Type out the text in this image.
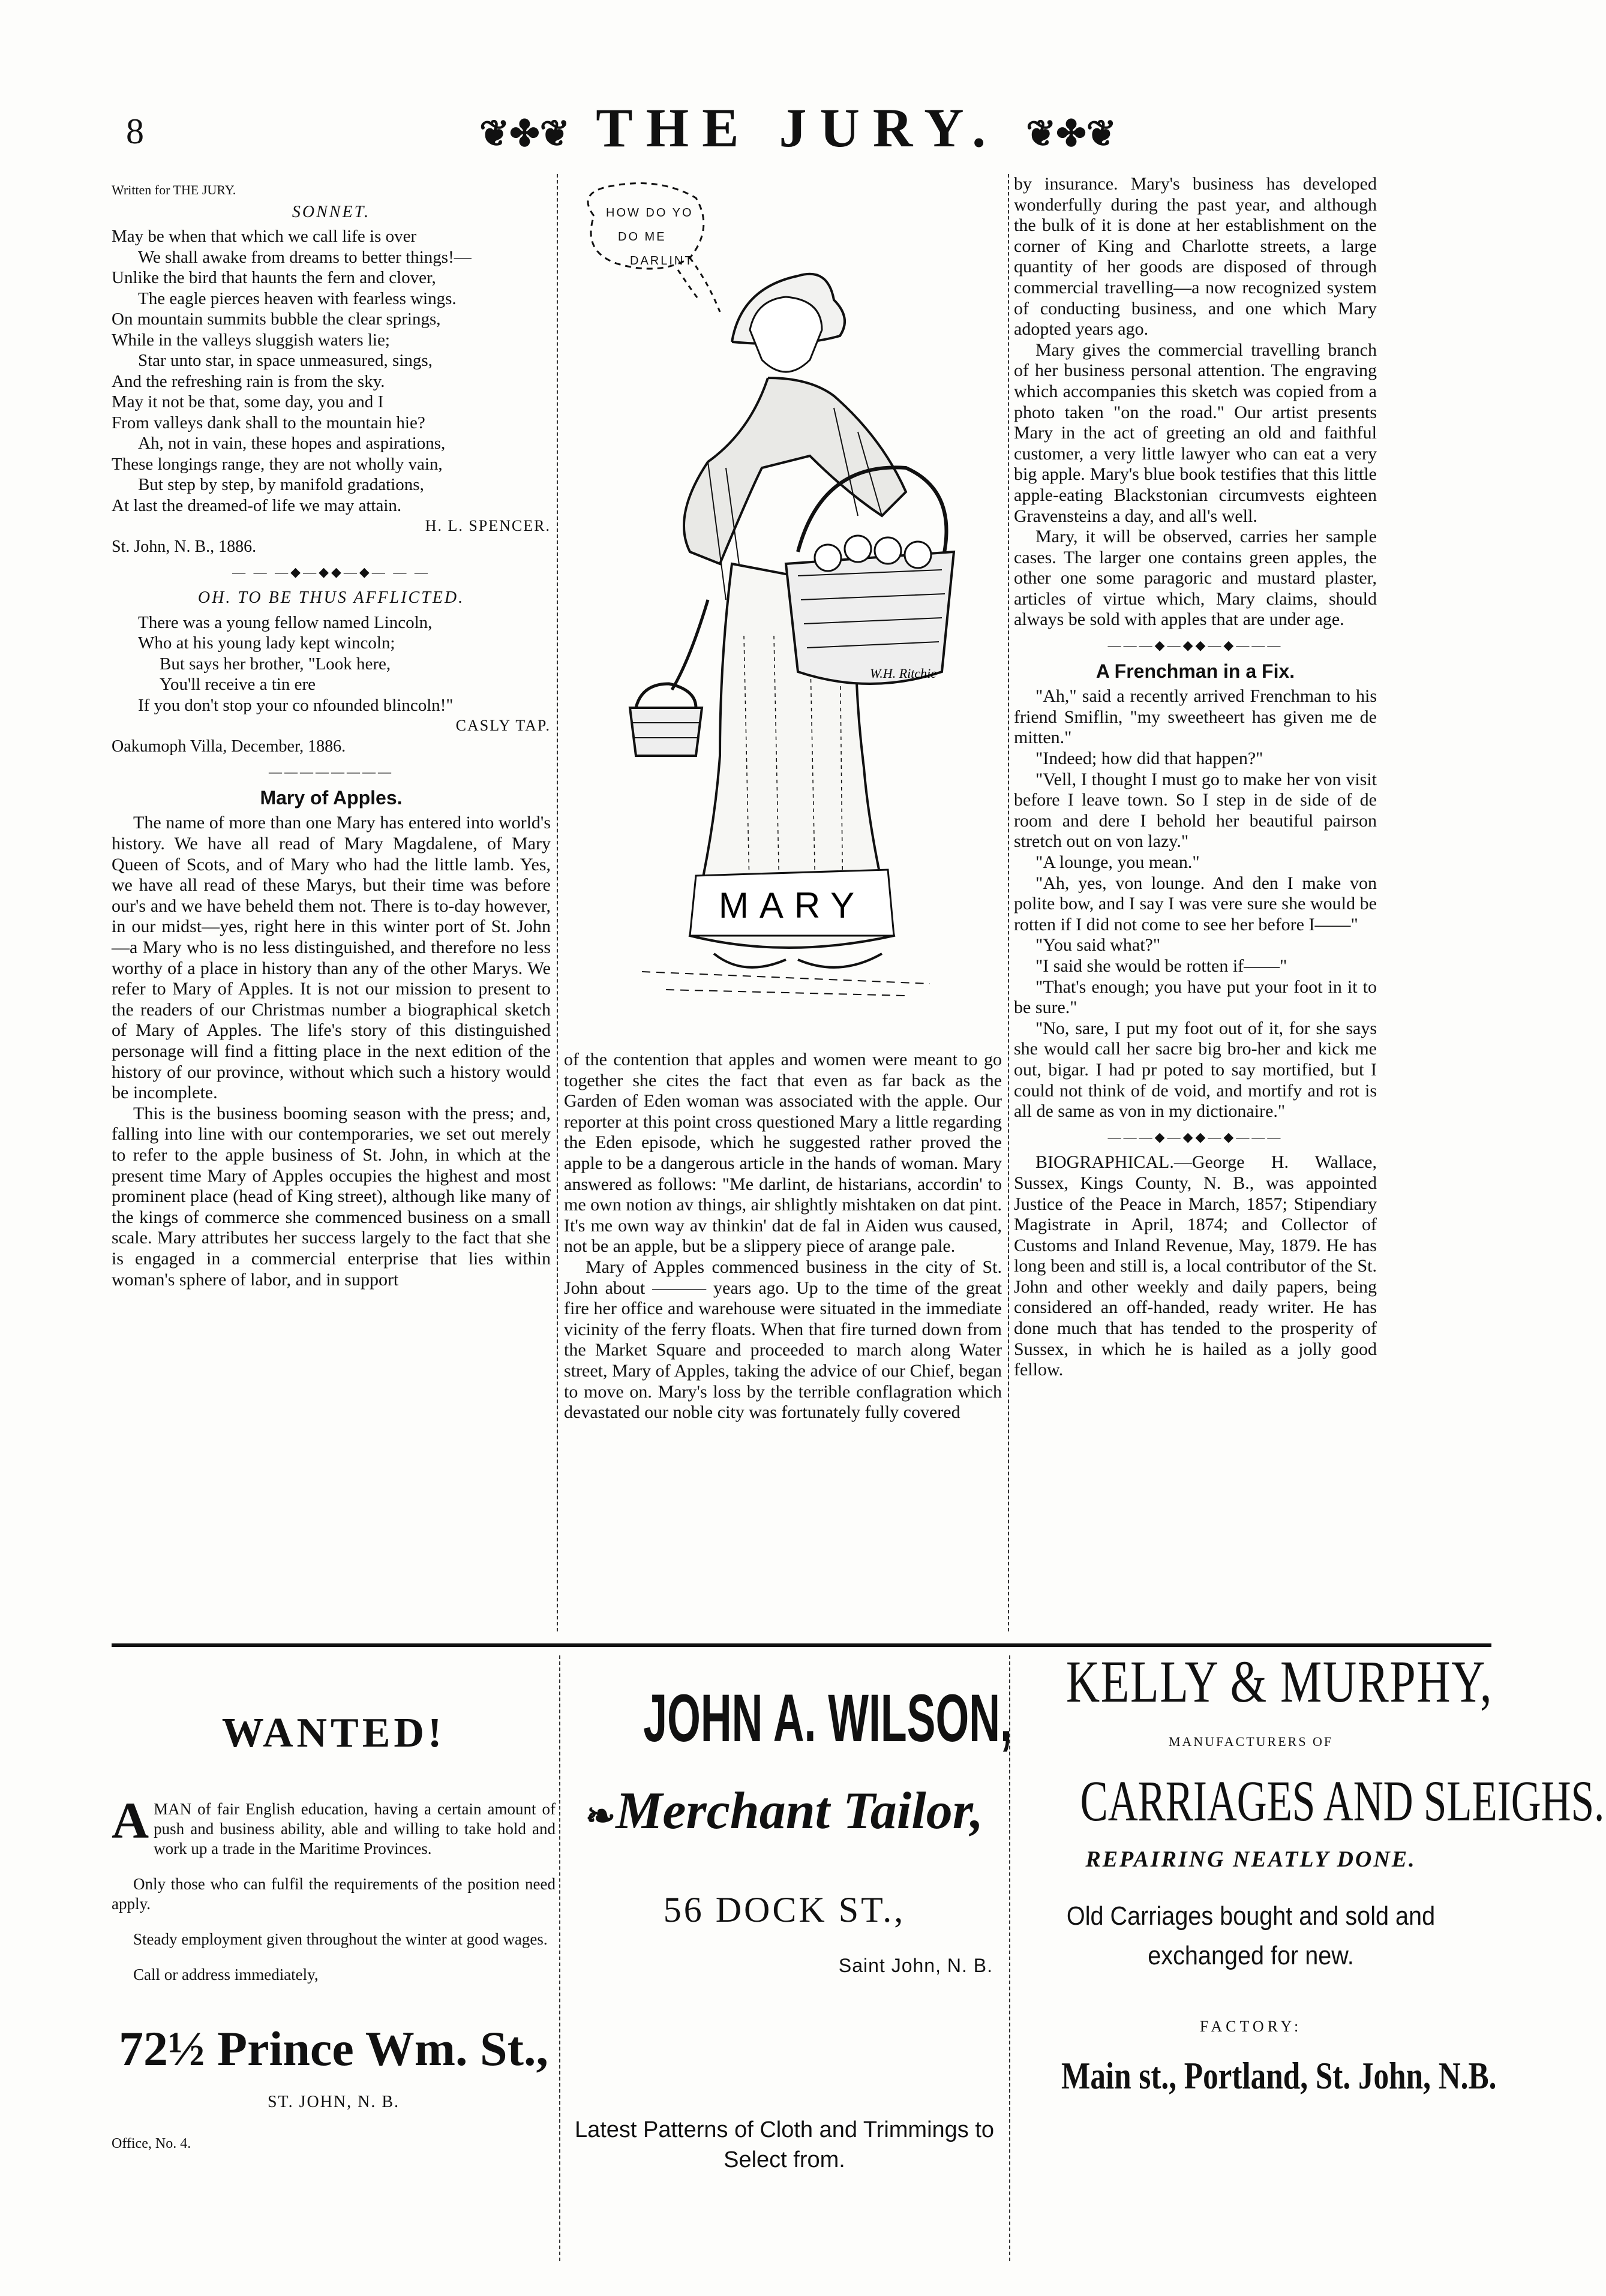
8	❦✤❦ THE JURY. ❦✤❦

Written for THE JURY.

SONNET.
May be when that which we call life is over
We shall awake from dreams to better things!—
Unlike the bird that haunts the fern and clover,
The eagle pierces heaven with fearless wings.
On mountain summits bubble the clear springs,
While in the valleys sluggish waters lie;
Star unto star, in space unmeasured, sings,
And the refreshing rain is from the sky.
May it not be that, some day, you and I
From valleys dank shall to the mountain hie?
Ah, not in vain, these hopes and aspirations,
These longings range, they are not wholly vain,
But step by step, by manifold gradations,
At last the dreamed-of life we may attain.
H. L. SPENCER.
St. John, N. B., 1886.
— — —◆—◆◆—◆— — —
OH. TO BE THUS AFFLICTED.
There was a young fellow named Lincoln,
Who at his young lady kept wincoln;
But says her brother, "Look here,
You'll receive a tin ere
If you don't stop your co nfounded blincoln!"
CASLY TAP.
Oakumoph Villa, December, 1886.
————————
Mary of Apples.

The name of more than one Mary has entered into world's history. We have all read of Mary Magdalene, of Mary Queen of Scots, and of Mary who had the little lamb. Yes, we have all read of these Marys, but their time was before our's and we have beheld them not. There is to-day however, in our midst—yes, right here in this winter port of St. John—a Mary who is no less distinguished, and therefore no less worthy of a place in history than any of the other Marys. We refer to Mary of Apples. It is not our mission to present to the readers of our Christmas number a biographical sketch of Mary of Apples. The life's story of this distinguished personage will find a fitting place in the next edition of the history of our province, without which such a history would be incomplete.

This is the business booming season with the press; and, falling into line with our contemporaries, we set out merely to refer to the apple business of St. John, in which at the present time Mary of Apples occupies the highest and most prominent place (head of King street), although like many of the kings of commerce she commenced business on a small scale. Mary attributes her success largely to the fact that she is engaged in a commercial enterprise that lies within woman's sphere of labor, and in support

MARY
W.H. Ritchie
HOW DO YO
DO ME
DARLINT

of the contention that apples and women were meant to go together she cites the fact that even as far back as the Garden of Eden woman was associated with the apple. Our reporter at this point cross questioned Mary a little regarding the Eden episode, which he suggested rather proved the apple to be a dangerous article in the hands of woman. Mary answered as follows: "Me darlint, de histarians, accordin' to me own notion av things, air shlightly mishtaken on dat pint. It's me own way av thinkin' dat de fal in Aiden wus caused, not be an apple, but be a slippery piece of arange pale.

Mary of Apples commenced business in the city of St. John about ——— years ago. Up to the time of the great fire her office and warehouse were situated in the immediate vicinity of the ferry floats. When that fire turned down from the Market Square and proceeded to march along Water street, Mary of Apples, taking the advice of our Chief, began to move on. Mary's loss by the terrible conflagration which devastated our noble city was fortunately fully covered

by insurance. Mary's business has developed wonderfully during the past year, and although the bulk of it is done at her establishment on the corner of King and Charlotte streets, a large quantity of her goods are disposed of through commercial travelling—a now recognized system of conducting business, and one which Mary adopted years ago.

Mary gives the commercial travelling branch of her business personal attention. The engraving which accompanies this sketch was copied from a photo taken "on the road." Our artist presents Mary in the act of greeting an old and faithful customer, a very little lawyer who can eat a very big apple. Mary's blue book testifies that this little apple-eating Blackstonian circumvests eighteen Gravensteins a day, and all's well.

Mary, it will be observed, carries her sample cases. The larger one contains green apples, the other one some paragoric and mustard plaster, articles of virtue which, Mary claims, should always be sold with apples that are under age.

———◆—◆◆—◆———
A Frenchman in a Fix.

"Ah," said a recently arrived Frenchman to his friend Smiflin, "my sweetheert has given me de mitten."

"Indeed; how did that happen?"

"Vell, I thought I must go to make her von visit before I leave town. So I step in de side of de room and dere I behold her beautiful pairson stretch out on von lazy."

"A lounge, you mean."

"Ah, yes, von lounge. And den I make von polite bow, and I say I was vere sure she would be rotten if I did not come to see her before I——"

"You said what?"

"I said she would be rotten if——"

"That's enough; you have put your foot in it to be sure."

"No, sare, I put my foot out of it, for she says she would call her sacre big bro-her and kick me out, bigar. I had pr poted to say mortified, but I could not think of de void, and mortify and rot is all de same as von in my dictionaire."

———◆—◆◆—◆———

BIOGRAPHICAL.—George H. Wallace, Sussex, Kings County, N. B., was appointed Justice of the Peace in March, 1857; Stipendiary Magistrate in April, 1874; and Collector of Customs and Inland Revenue, May, 1879. He has long been and still is, a local contributor of the St. John and other weekly and daily papers, being considered an off-handed, ready writer. He has done much that has tended to the prosperity of Sussex, in which he is hailed as a jolly good fellow.

WANTED!

AMAN of fair English education, having a certain amount of push and business ability, able and willing to take hold and work up a trade in the Maritime Provinces.

Only those who can fulfil the requirements of the position need apply.

Steady employment given throughout the winter at good wages.

Call or address immediately,

72½ Prince Wm. St.,
ST. JOHN, N. B.
Office, No. 4.
JOHN A. WILSON,
❧Merchant Tailor,
56 DOCK ST.,
Saint John, N. B.
Latest Patterns of Cloth and Trimmings to Select from.
KELLY & MURPHY,
MANUFACTURERS OF
CARRIAGES AND SLEIGHS.
REPAIRING NEATLY DONE.
Old Carriages bought and sold and exchanged for new.
FACTORY:
Main st., Portland, St. John, N.B.
